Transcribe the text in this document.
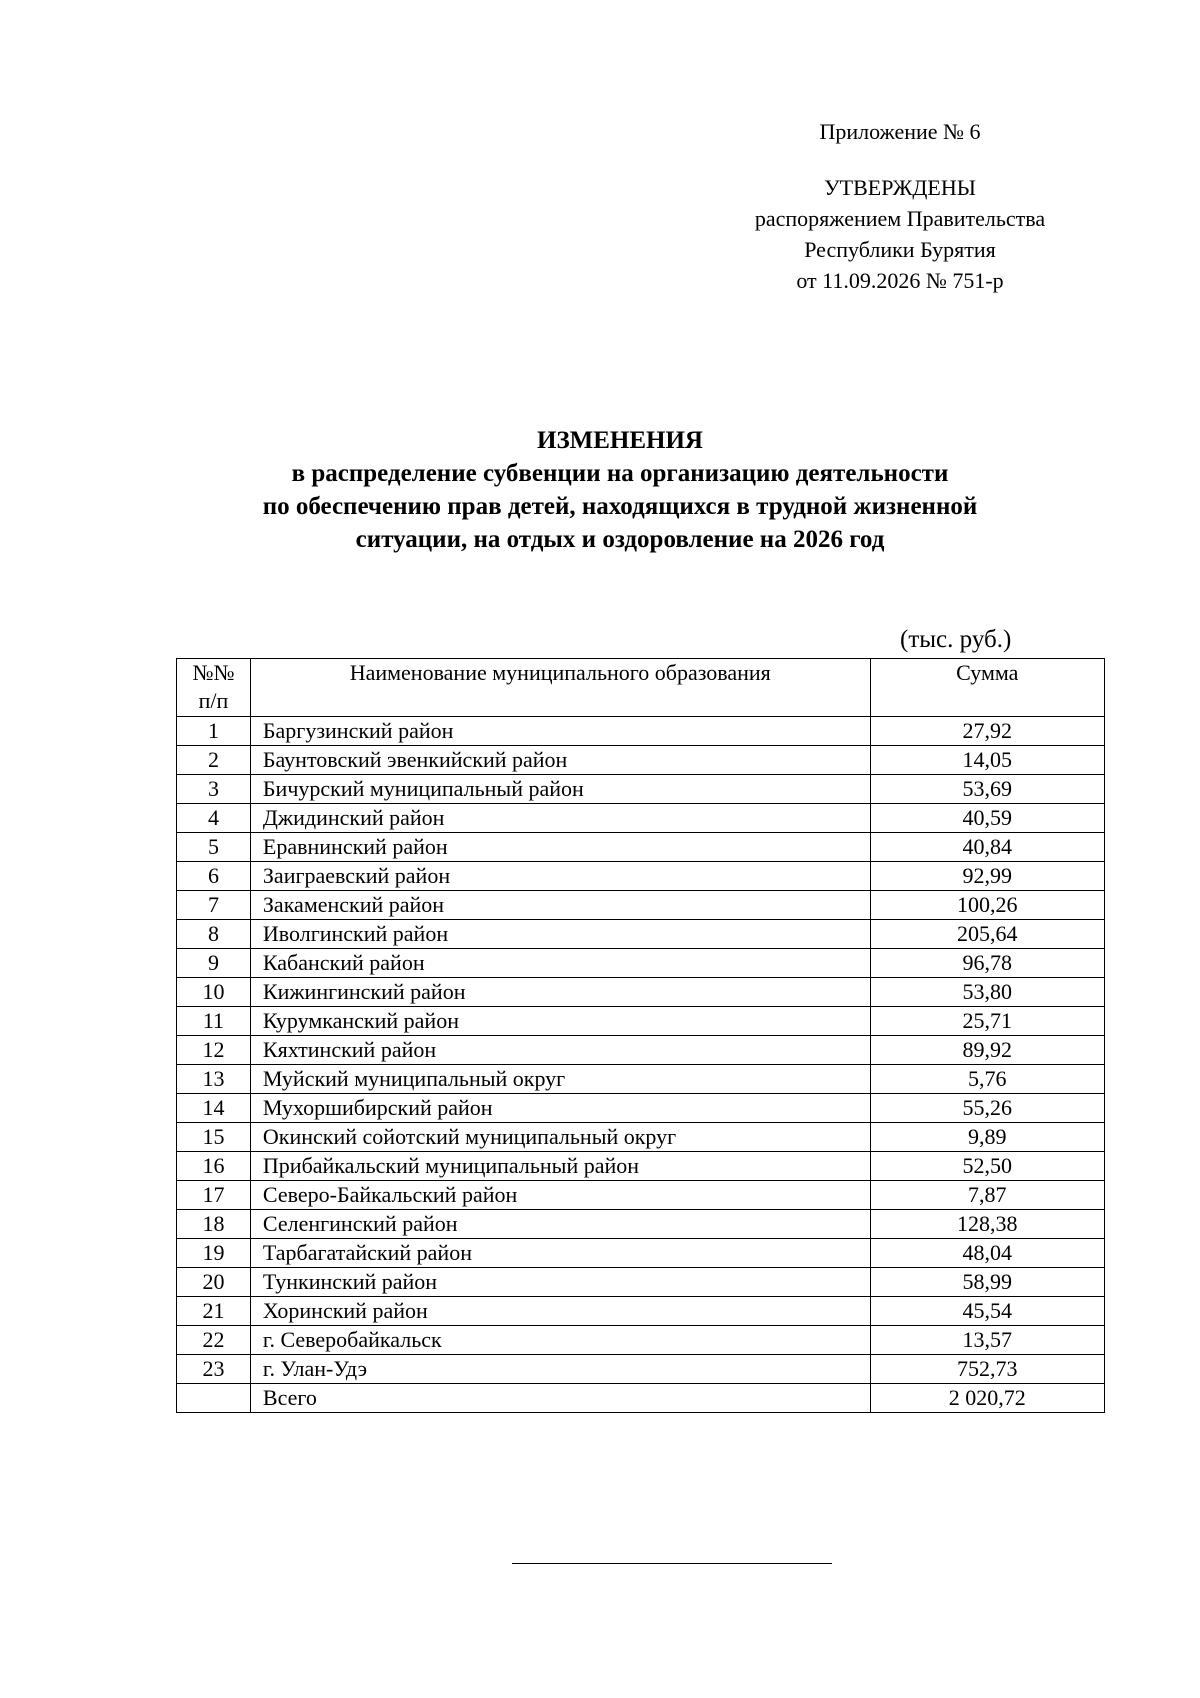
Приложение № 6
УТВЕРЖДЕНЫ
распоряжением Правительства
Республики Бурятия
от 11.09.2026 № 751-р
ИЗМЕНЕНИЯ
в распределение субвенции на организацию деятельности
по обеспечению прав детей, находящихся в трудной жизненной
ситуации, на отдых и оздоровление на 2026 год
(тыс. руб.)
№№
п/п	Наименование муниципального образования	Сумма
1	Баргузинский район	27,92
2	Баунтовский эвенкийский район	14,05
3	Бичурский муниципальный район	53,69
4	Джидинский район	40,59
5	Еравнинский район	40,84
6	Заиграевский район	92,99
7	Закаменский район	100,26
8	Иволгинский район	205,64
9	Кабанский район	96,78
10	Кижингинский район	53,80
11	Курумканский район	25,71
12	Кяхтинский район	89,92
13	Муйский муниципальный округ	5,76
14	Мухоршибирский район	55,26
15	Окинский сойотский муниципальный округ	9,89
16	Прибайкальский муниципальный район	52,50
17	Северо-Байкальский район	7,87
18	Селенгинский район	128,38
19	Тарбагатайский район	48,04
20	Тункинский район	58,99
21	Хоринский район	45,54
22	г. Северобайкальск	13,57
23	г. Улан-Удэ	752,73
	Всего	2 020,72
